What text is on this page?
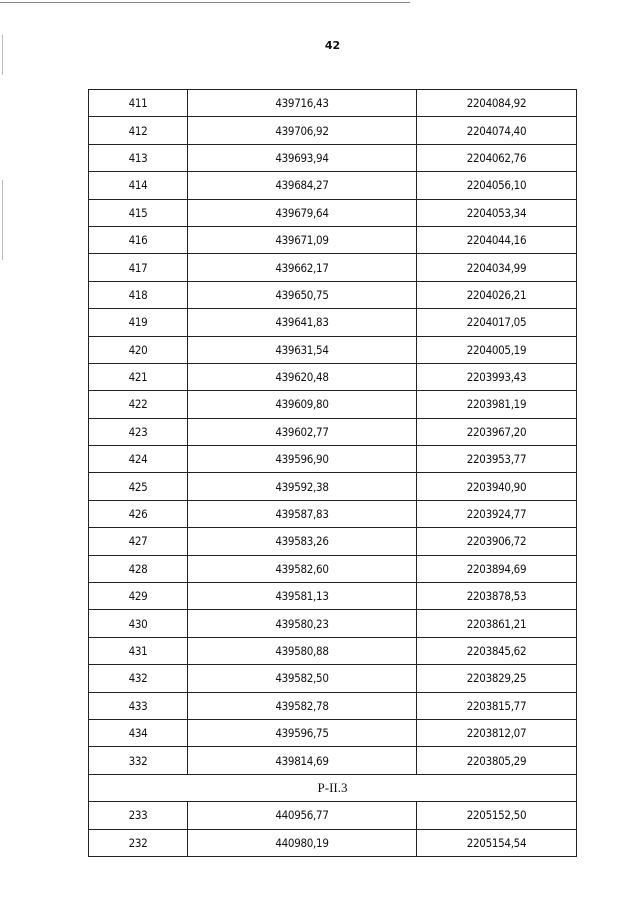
42
411	439716,43	2204084,92
412	439706,92	2204074,40
413	439693,94	2204062,76
414	439684,27	2204056,10
415	439679,64	2204053,34
416	439671,09	2204044,16
417	439662,17	2204034,99
418	439650,75	2204026,21
419	439641,83	2204017,05
420	439631,54	2204005,19
421	439620,48	2203993,43
422	439609,80	2203981,19
423	439602,77	2203967,20
424	439596,90	2203953,77
425	439592,38	2203940,90
426	439587,83	2203924,77
427	439583,26	2203906,72
428	439582,60	2203894,69
429	439581,13	2203878,53
430	439580,23	2203861,21
431	439580,88	2203845,62
432	439582,50	2203829,25
433	439582,78	2203815,77
434	439596,75	2203812,07
332	439814,69	2203805,29
Р-II.3		
233	440956,77	2205152,50
232	440980,19	2205154,54
